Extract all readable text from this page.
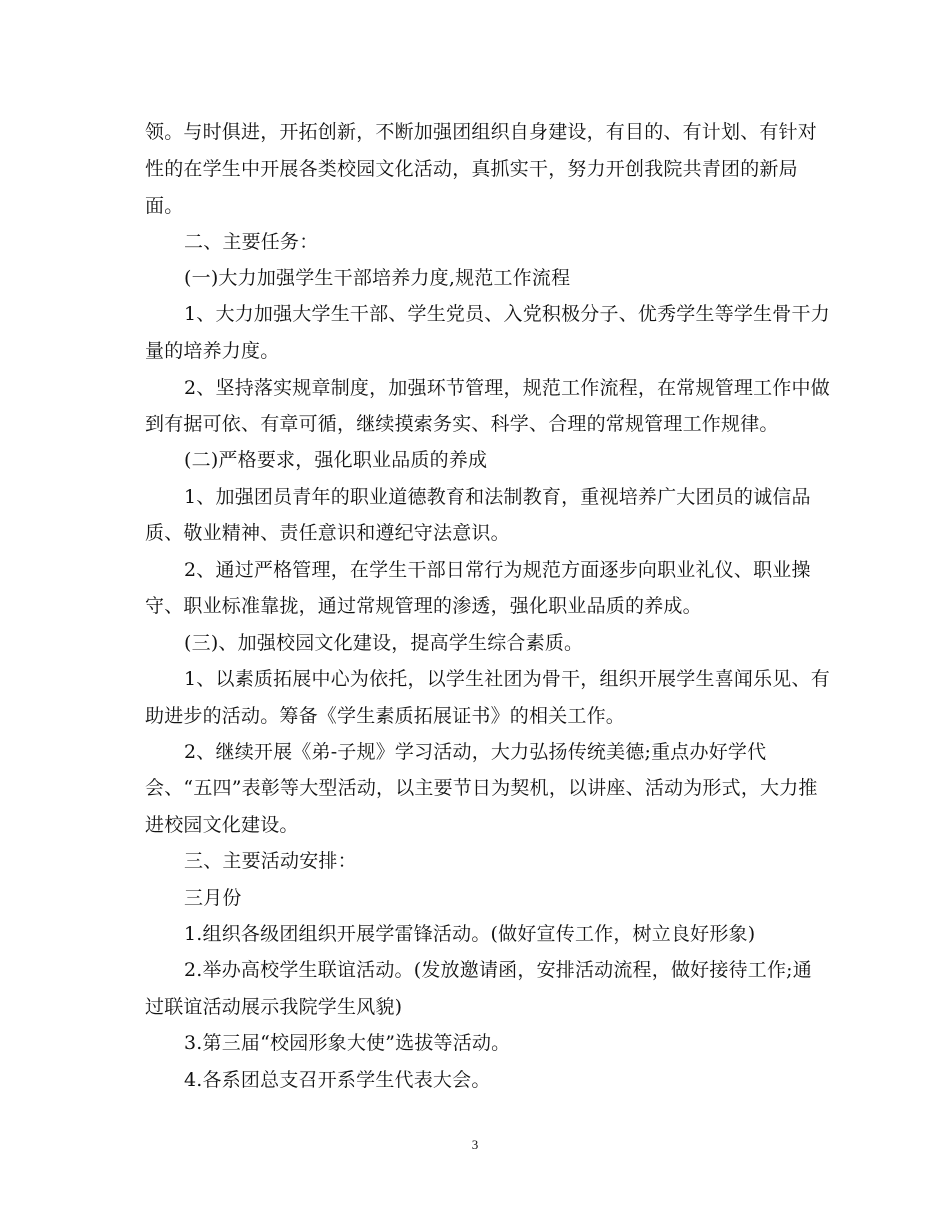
领。与时俱进，开拓创新，不断加强团组织自身建设，有目的、有计划、有针对
性的在学生中开展各类校园文化活动，真抓实干，努力开创我院共青团的新局
面。
二、主要任务：
(一)大力加强学生干部培养力度,规范工作流程
1、大力加强大学生干部、学生党员、入党积极分子、优秀学生等学生骨干力
量的培养力度。
2、坚持落实规章制度，加强环节管理，规范工作流程，在常规管理工作中做
到有据可依、有章可循，继续摸索务实、科学、合理的常规管理工作规律。
(二)严格要求，强化职业品质的养成
1、加强团员青年的职业道德教育和法制教育，重视培养广大团员的诚信品
质、敬业精神、责任意识和遵纪守法意识。
2、通过严格管理，在学生干部日常行为规范方面逐步向职业礼仪、职业操
守、职业标准靠拢，通过常规管理的渗透，强化职业品质的养成。
(三)、加强校园文化建设，提高学生综合素质。
1、以素质拓展中心为依托，以学生社团为骨干，组织开展学生喜闻乐见、有
助进步的活动。筹备《学生素质拓展证书》的相关工作。
2、继续开展《弟-子规》学习活动，大力弘扬传统美德;重点办好学代
会、“五四”表彰等大型活动，以主要节日为契机，以讲座、活动为形式，大力推
进校园文化建设。
三、主要活动安排：
三月份
1.组织各级团组织开展学雷锋活动。(做好宣传工作，树立良好形象)
2.举办高校学生联谊活动。(发放邀请函，安排活动流程，做好接待工作;通
过联谊活动展示我院学生风貌)
3.第三届“校园形象大使”选拔等活动。
4.各系团总支召开系学生代表大会。
3
